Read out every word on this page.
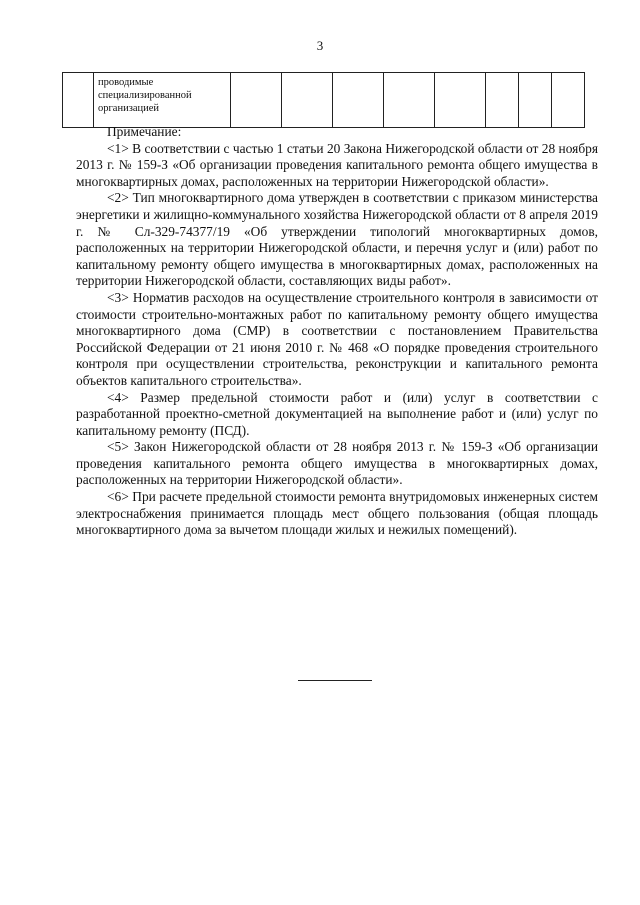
3
	проводимые специализированной организацией								
Примечание:

<1> В соответствии с частью 1 статьи 20 Закона Нижегородской области от 28 ноября 2013 г. № 159-З «Об организации проведения капитального ремонта общего имущества в многоквартирных домах, расположенных на территории Нижегородской области».

<2> Тип многоквартирного дома утвержден в соответствии с приказом министерства энергетики и жилищно-коммунального хозяйства Нижегородской области от 8 апреля 2019 г. № Сл-329-74377/19 «Об утверждении типологий многоквартирных домов, расположенных на территории Нижегородской области, и перечня услуг и (или) работ по капитальному ремонту общего имущества в многоквартирных домах, расположенных на территории Нижегородской области, составляющих виды работ».

<3> Норматив расходов на осуществление строительного контроля в зависимости от стоимости строительно-монтажных работ по капитальному ремонту общего имущества многоквартирного дома (СМР) в соответствии с постановлением Правительства Российской Федерации от 21 июня 2010 г. № 468 «О порядке проведения строительного контроля при осуществлении строительства, реконструкции и капитального ремонта объектов капитального строительства».

<4> Размер предельной стоимости работ и (или) услуг в соответствии с разработанной проектно-сметной документацией на выполнение работ и (или) услуг по капитальному ремонту (ПСД).

<5> Закон Нижегородской области от 28 ноября 2013 г. № 159-З «Об организации проведения капитального ремонта общего имущества в многоквартирных домах, расположенных на территории Нижегородской области».

<6> При расчете предельной стоимости ремонта внутридомовых инженерных систем электроснабжения принимается площадь мест общего пользования (общая площадь многоквартирного дома за вычетом площади жилых и нежилых помещений).
